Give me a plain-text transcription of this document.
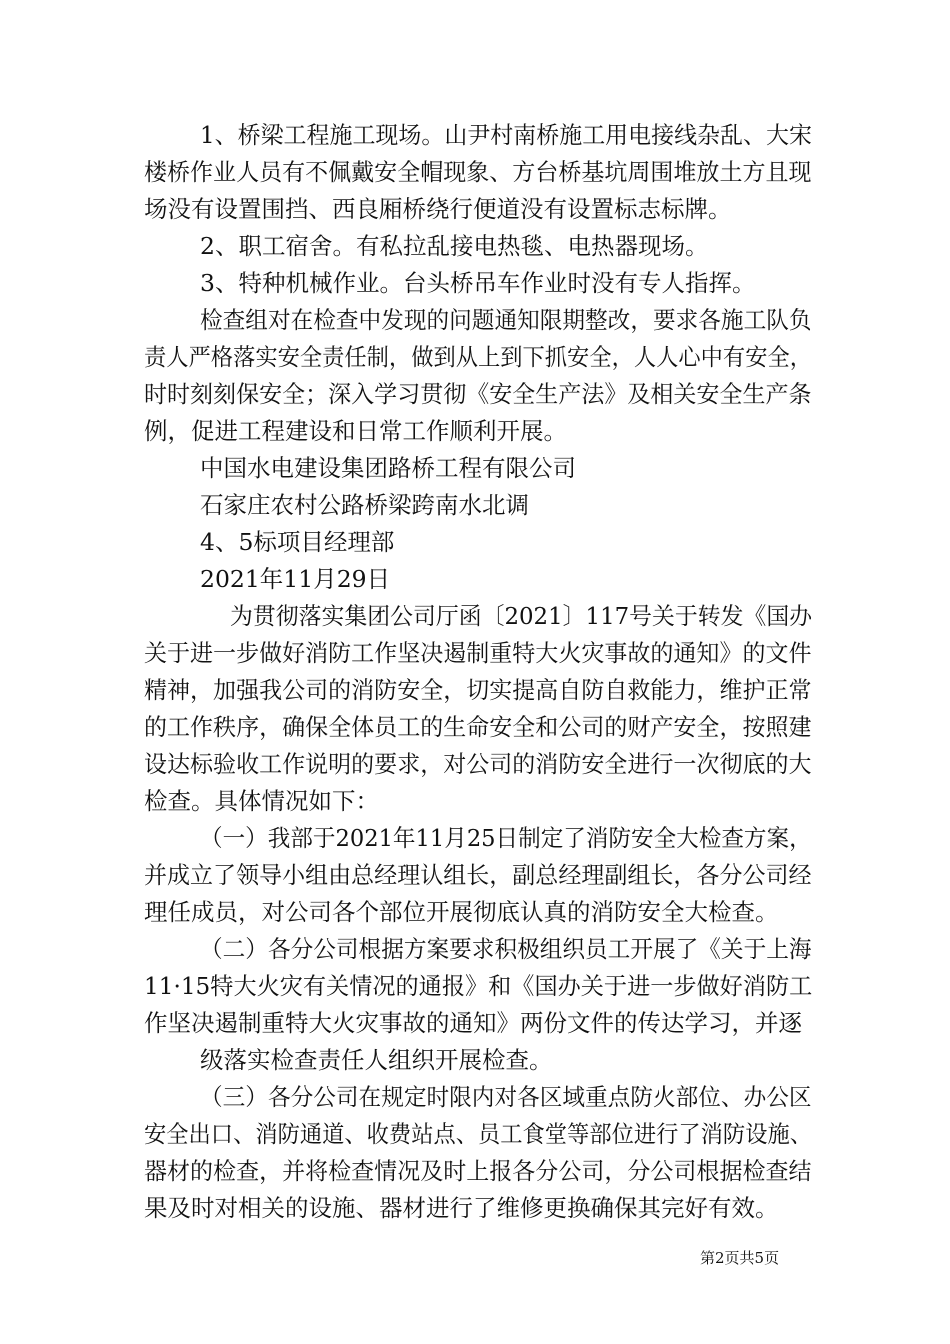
1、桥梁工程施工现场。山尹村南桥施工用电接线杂乱、大宋
楼桥作业人员有不佩戴安全帽现象、方台桥基坑周围堆放土方且现
场没有设置围挡、西良厢桥绕行便道没有设置标志标牌。
2、职工宿舍。有私拉乱接电热毯、电热器现场。
3、特种机械作业。台头桥吊车作业时没有专人指挥。
检查组对在检查中发现的问题通知限期整改，要求各施工队负
责人严格落实安全责任制，做到从上到下抓安全，人人心中有安全，
时时刻刻保安全；深入学习贯彻《安全生产法》及相关安全生产条
例，促进工程建设和日常工作顺利开展。
中国水电建设集团路桥工程有限公司
石家庄农村公路桥梁跨南水北调
4、5标项目经理部
2021年11月29日
为贯彻落实集团公司厅函〔2021〕117号关于转发《国办
关于进一步做好消防工作坚决遏制重特大火灾事故的通知》的文件
精神，加强我公司的消防安全，切实提高自防自救能力，维护正常
的工作秩序，确保全体员工的生命安全和公司的财产安全，按照建
设达标验收工作说明的要求，对公司的消防安全进行一次彻底的大
检查。具体情况如下：
（一）我部于2021年11月25日制定了消防安全大检查方案，
并成立了领导小组由总经理认组长，副总经理副组长，各分公司经
理任成员，对公司各个部位开展彻底认真的消防安全大检查。
（二）各分公司根据方案要求积极组织员工开展了《关于上海
11·15特大火灾有关情况的通报》和《国办关于进一步做好消防工
作坚决遏制重特大火灾事故的通知》两份文件的传达学习，并逐
级落实检查责任人组织开展检查。
（三）各分公司在规定时限内对各区域重点防火部位、办公区
安全出口、消防通道、收费站点、员工食堂等部位进行了消防设施、
器材的检查，并将检查情况及时上报各分公司，分公司根据检查结
果及时对相关的设施、器材进行了维修更换确保其完好有效。
第2页共5页
